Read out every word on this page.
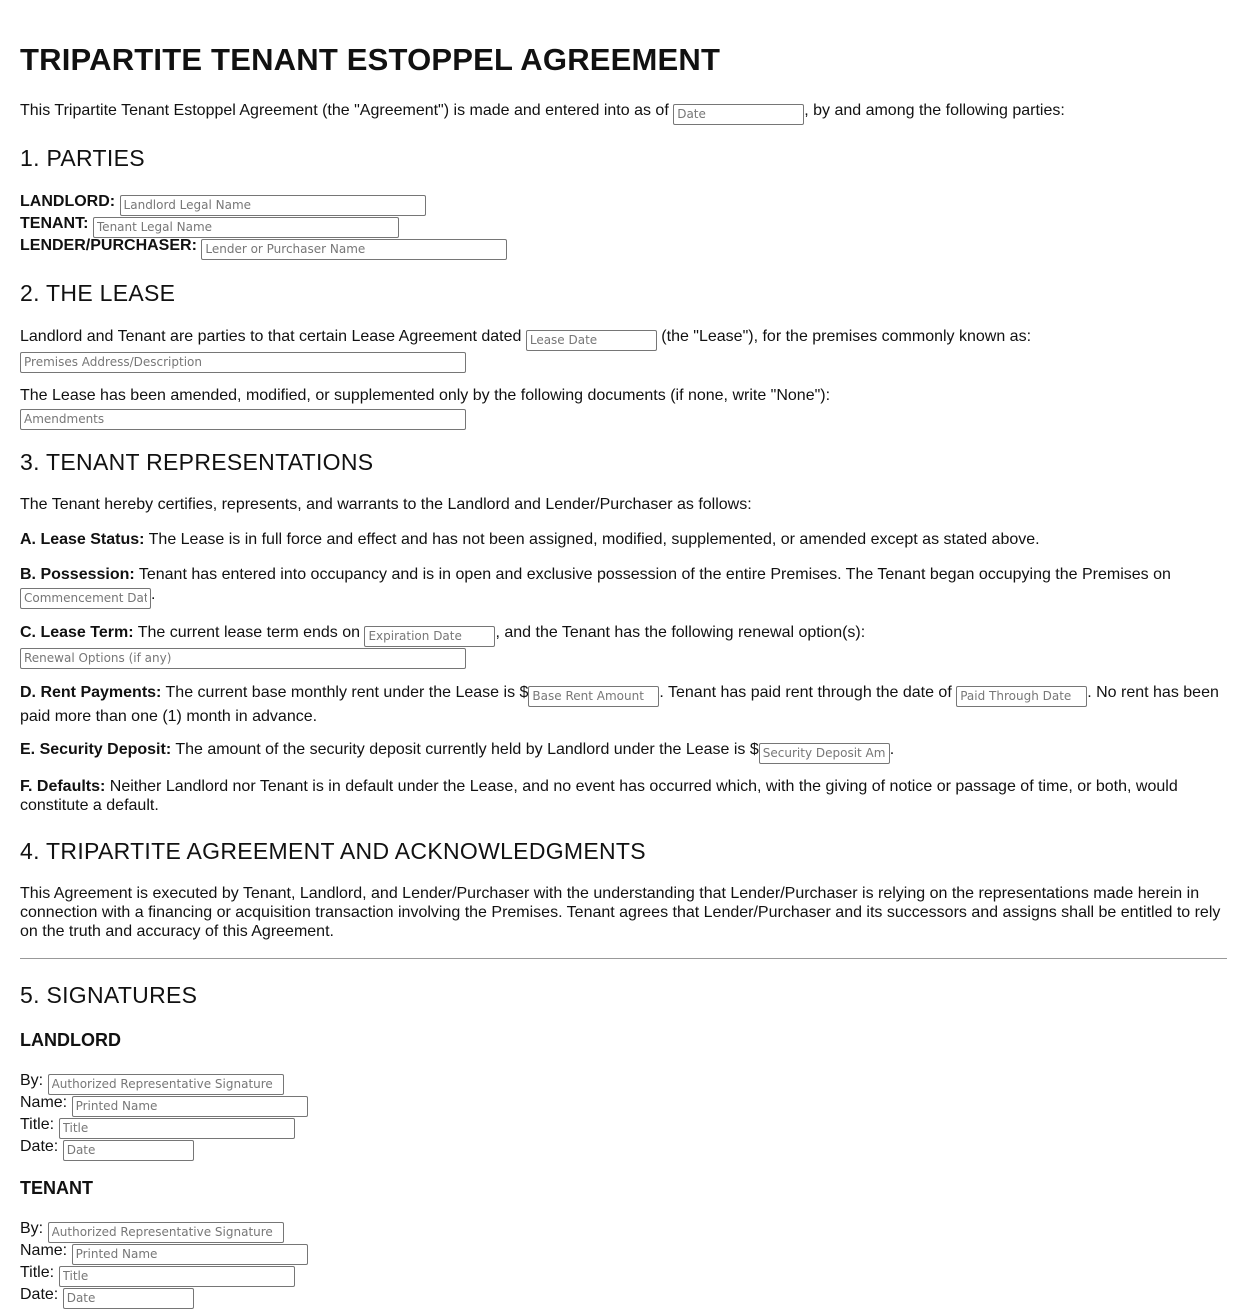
TRIPARTITE TENANT ESTOPPEL AGREEMENT

This Tripartite Tenant Estoppel Agreement (the "Agreement") is made and entered into as of Date	, by and among the following parties:

1. PARTIES

LANDLORD: Landlord Legal Name

TENANT: Tenant Legal Name

LENDER/PURCHASER: Lender or Purchaser Name

2. THE LEASE

Landlord and Tenant are parties to that certain Lease Agreement dated Lease Date	(the "Lease"), for the premises commonly known as:

Premises Address/Description

The Lease has been amended, modified, or supplemented only by the following documents (if none, write "None"):

Amendments

3. TENANT REPRESENTATIONS

The Tenant hereby certifies, represents, and warrants to the Landlord and Lender/Purchaser as follows:

A. Lease Status: The Lease is in full force and effect and has not been assigned, modified, supplemented, or amended except as stated above.

B. Possession: Tenant has entered into occupancy and is in open and exclusive possession of the entire Premises. The Tenant began occupying the Premises on

Commencement Date.

C. Lease Term: The current lease term ends on Expiration Date	, and the Tenant has the following renewal option(s):

Renewal Options (if any)

D. Rent Payments: The current base monthly rent under the Lease is $Base Rent Amount	. Tenant has paid rent through the date of Paid Through Date	. No rent has been paid more than one (1) month in advance.

E. Security Deposit: The amount of the security deposit currently held by Landlord under the Lease is $Security Deposit Amount	.

F. Defaults: Neither Landlord nor Tenant is in default under the Lease, and no event has occurred which, with the giving of notice or passage of time, or both, would constitute a default.

4. TRIPARTITE AGREEMENT AND ACKNOWLEDGMENTS

This Agreement is executed by Tenant, Landlord, and Lender/Purchaser with the understanding that Lender/Purchaser is relying on the representations made herein in connection with a financing or acquisition transaction involving the Premises. Tenant agrees that Lender/Purchaser and its successors and assigns shall be entitled to rely on the truth and accuracy of this Agreement.

5. SIGNATURES
LANDLORD

By: Authorized Representative Signature

Name: Printed Name

Title: Title

Date: Date

TENANT

By: Authorized Representative Signature

Name: Printed Name

Title: Title

Date: Date
